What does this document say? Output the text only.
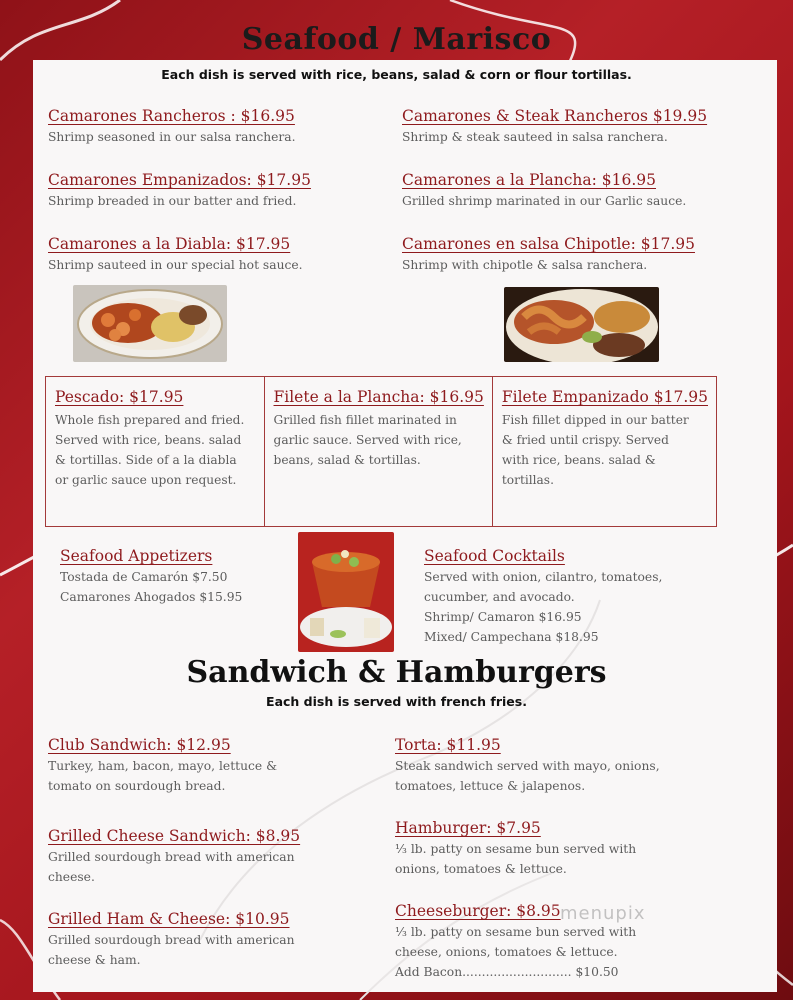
Seafood / Marisco
Each dish is served with rice, beans, salad & corn or flour tortillas.
Camarones Rancheros : $16.95
Shrimp seasoned in our salsa ranchera.
Camarones & Steak Rancheros $19.95
Shrimp & steak sauteed in salsa ranchera.
Camarones Empanizados: $17.95
Shrimp breaded in our batter and fried.
Camarones a la Plancha: $16.95
Grilled shrimp marinated in our Garlic sauce.
Camarones a la Diabla: $17.95
Shrimp sauteed in our special hot sauce.
Camarones en salsa Chipotle: $17.95
Shrimp with chipotle & salsa ranchera.
Pescado: $17.95
Whole fish prepared and fried.
Served with rice, beans. salad
& tortillas. Side of a la diabla
or garlic sauce upon request.
Filete a la Plancha: $16.95
Grilled fish fillet marinated in
garlic sauce. Served with rice,
beans, salad & tortillas.
Filete Empanizado $17.95
Fish fillet dipped in our batter
& fried until crispy. Served
with rice, beans. salad &
tortillas.
Seafood Appetizers
Tostada de Camarón $7.50
Camarones Ahogados $15.95
Seafood Cocktails
Served with onion, cilantro, tomatoes,
cucumber, and avocado.
Shrimp/ Camaron $16.95
Mixed/ Campechana $18.95
Sandwich & Hamburgers
Each dish is served with french fries.
Club Sandwich: $12.95
Turkey, ham, bacon, mayo, lettuce &
tomato on sourdough bread.
Torta: $11.95
Steak sandwich served with mayo, onions,
tomatoes, lettuce & jalapenos.
Grilled Cheese Sandwich: $8.95
Grilled sourdough bread with american
cheese.
Hamburger: $7.95
⅓ lb. patty on sesame bun served with
onions, tomatoes & lettuce.
Grilled Ham & Cheese: $10.95
Grilled sourdough bread with american
cheese & ham.
Cheeseburger: $8.95
⅓ lb. patty on sesame bun served with
cheese, onions, tomatoes & lettuce.
Add Bacon............................ $10.50
menupix
